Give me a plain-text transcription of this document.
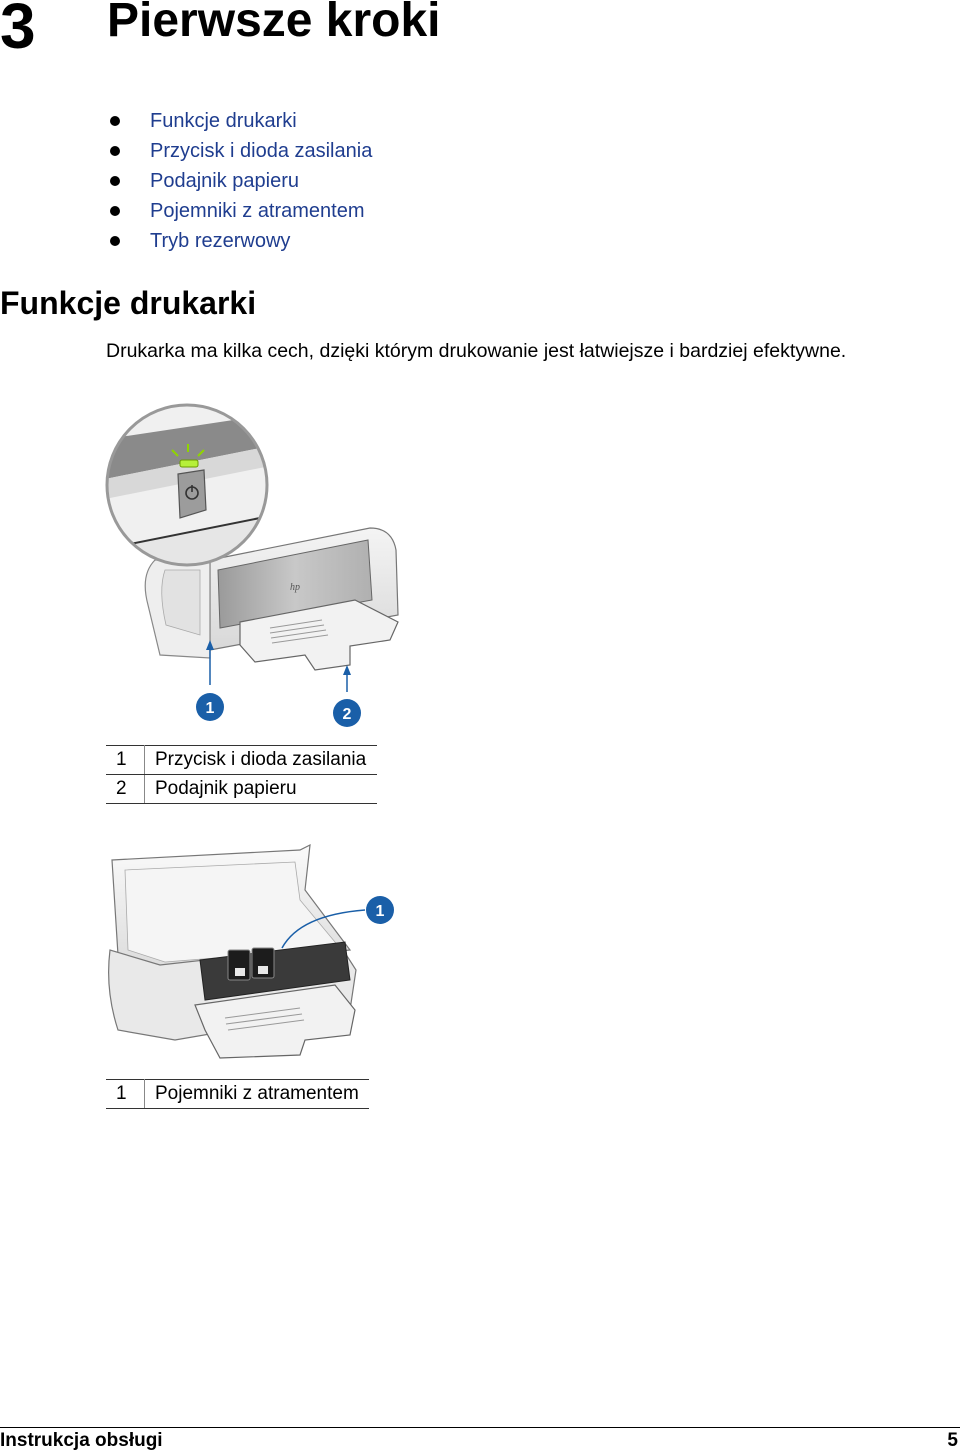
3 Pierwsze kroki
Funkcje drukarki
Przycisk i dioda zasilania
Podajnik papieru
Pojemniki z atramentem
Tryb rezerwowy
Funkcje drukarki
Drukarka ma kilka cech, dzięki którym drukowanie jest łatwiejsze i bardziej efektywne.
hp
1	2
1	Przycisk i dioda zasilania
2	Podajnik papieru
1
1	Pojemniki z atramentem
Instrukcja obsługi	5
